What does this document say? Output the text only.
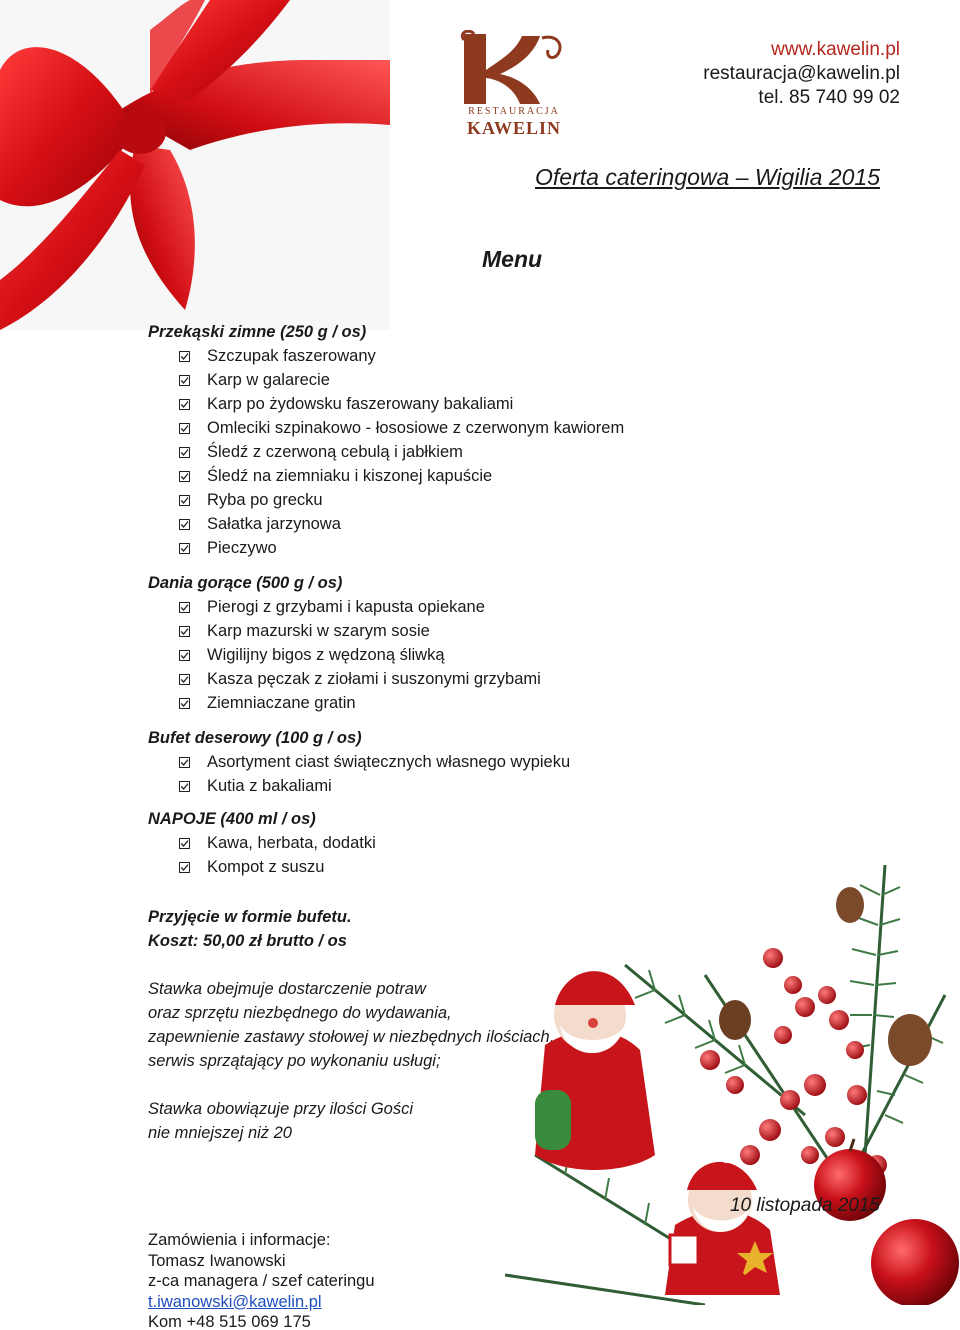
K
RESTAURACJA
KAWELIN
www.kawelin.pl
restauracja@kawelin.pl
tel. 85 740 99 02
Oferta cateringowa – Wigilia 2015
Menu
Przekąski zimne (250 g / os)
Szczupak faszerowany
Karp w galarecie
Karp po żydowsku faszerowany bakaliami
Omleciki szpinakowo - łososiowe z czerwonym kawiorem
Śledź z czerwoną cebulą i jabłkiem
Śledź na ziemniaku i kiszonej kapuście
Ryba po grecku
Sałatka jarzynowa
Pieczywo
Dania gorące (500 g / os)
Pierogi z grzybami i kapusta opiekane
Karp mazurski w szarym sosie
Wigilijny bigos z wędzoną śliwką
Kasza pęczak z ziołami i suszonymi grzybami
Ziemniaczane gratin
Bufet deserowy (100 g / os)
Asortyment ciast świątecznych własnego wypieku
Kutia z bakaliami
NAPOJE (400 ml / os)
Kawa, herbata, dodatki
Kompot z suszu
Przyjęcie w formie bufetu.
Koszt: 50,00 zł brutto / os
Stawka obejmuje dostarczenie potraw
oraz sprzętu niezbędnego do wydawania,
zapewnienie zastawy stołowej w niezbędnych ilościach,
serwis sprzątający po wykonaniu usługi;
Stawka obowiązuje przy ilości Gości
nie mniejszej niż 20
10 listopada 2015
Zamówienia i informacje:
Tomasz Iwanowski
z-ca managera / szef cateringu
t.iwanowski@kawelin.pl
Kom +48 515 069 175
